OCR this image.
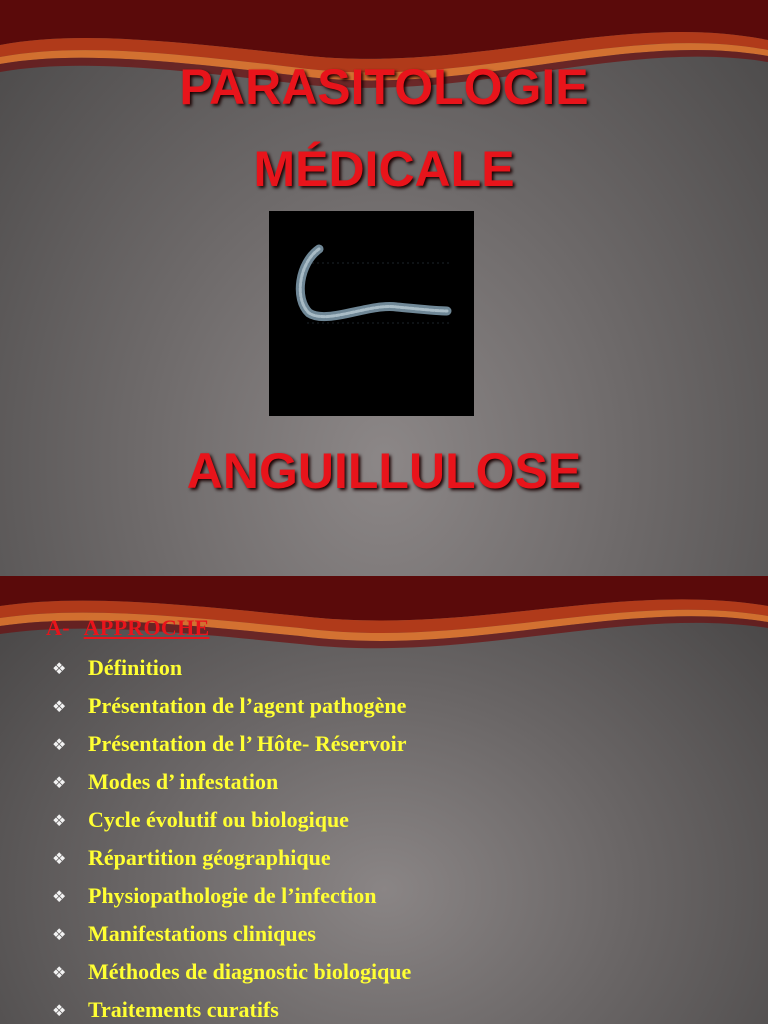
PARASITOLOGIE
MÉDICALE
ANGUILLULOSE
A- APPROCHE
❖ Définition
❖ Présentation de l’agent pathogène
❖ Présentation de l’ Hôte- Réservoir
❖ Modes d’ infestation
❖ Cycle évolutif ou biologique
❖ Répartition géographique
❖ Physiopathologie de l’infection
❖ Manifestations cliniques
❖ Méthodes de diagnostic biologique
❖ Traitements curatifs
